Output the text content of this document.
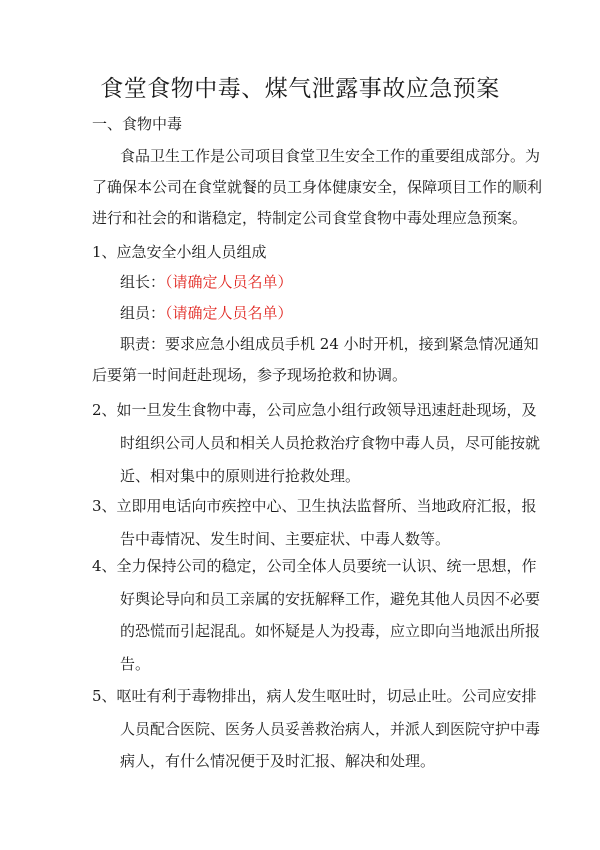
食堂食物中毒、煤气泄露事故应急预案
一、食物中毒
食品卫生工作是公司项目食堂卫生安全工作的重要组成部分。为
了确保本公司在食堂就餐的员工身体健康安全，保障项目工作的顺利
进行和社会的和谐稳定，特制定公司食堂食物中毒处理应急预案。
1、应急安全小组人员组成
组长：（请确定人员名单）
组员：（请确定人员名单）
职责：要求应急小组成员手机 24 小时开机，接到紧急情况通知
后要第一时间赶赴现场，参予现场抢救和协调。
2、如一旦发生食物中毒，公司应急小组行政领导迅速赶赴现场，及
时组织公司人员和相关人员抢救治疗食物中毒人员，尽可能按就
近、相对集中的原则进行抢救处理。
3、立即用电话向市疾控中心、卫生执法监督所、当地政府汇报，报
告中毒情况、发生时间、主要症状、中毒人数等。
4、全力保持公司的稳定，公司全体人员要统一认识、统一思想，作
好舆论导向和员工亲属的安抚解释工作，避免其他人员因不必要
的恐慌而引起混乱。如怀疑是人为投毒，应立即向当地派出所报
告。
5、呕吐有利于毒物排出，病人发生呕吐时，切忌止吐。公司应安排
人员配合医院、医务人员妥善救治病人，并派人到医院守护中毒
病人，有什么情况便于及时汇报、解决和处理。
